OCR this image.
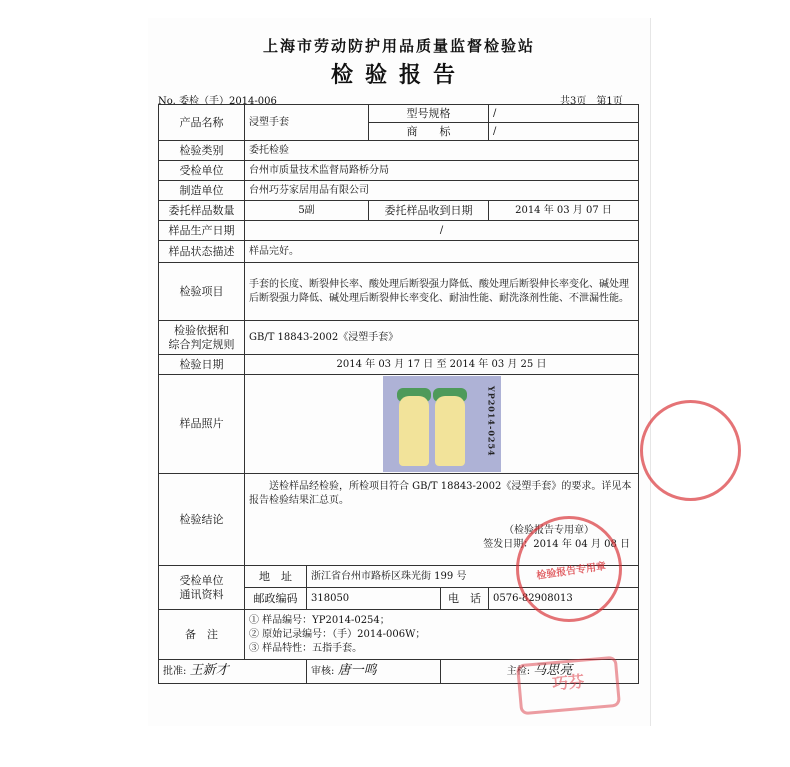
上海市劳动防护用品质量监督检验站
检验报告
No. 委检（手）2014-006	共3页　第1页
产品名称	浸塑手套		型号规格		/
			商　　标		/
检验类别	委托检验				
受检单位	台州市质量技术监督局路桥分局				
制造单位	台州巧芬家居用品有限公司				
委托样品数量	5副		委托样品收到日期		2014 年 03 月 07 日
样品生产日期	/				
样品状态描述	样品完好。				
检验项目	手套的长度、断裂伸长率、酸处理后断裂强力降低、酸处理后断裂伸长率变化、碱处理后断裂强力降低、碱处理后断裂伸长率变化、耐油性能、耐洗涤剂性能、不泄漏性能。				

检验依据和
综合判定规则	GB/T 18843-2002《浸塑手套》				
检验日期	2014 年 03 月 17 日 至 2014 年 03 月 25 日				
样品照片	YP2014-0254				

检验结论	送检样品经检验，所检项目符合 GB/T 18843-2002《浸塑手套》的要求。详见本报告检验结果汇总页。
（检验报告专用章）
签发日期：2014 年 04 月 08 日				

受检单位
通讯资料	地　址	浙江省台州市路桥区珠光街 199 号			
	邮政编码	318050		电　话	0576-82908013
备　注	① 样品编号：YP2014-0254；
② 原始记录编号：（手）2014-006W；
③ 样品特性：五指手套。				

批准: 王新才		审核: 唐一鸣		主检: 马思亮	
检验报告专用章
巧芬
